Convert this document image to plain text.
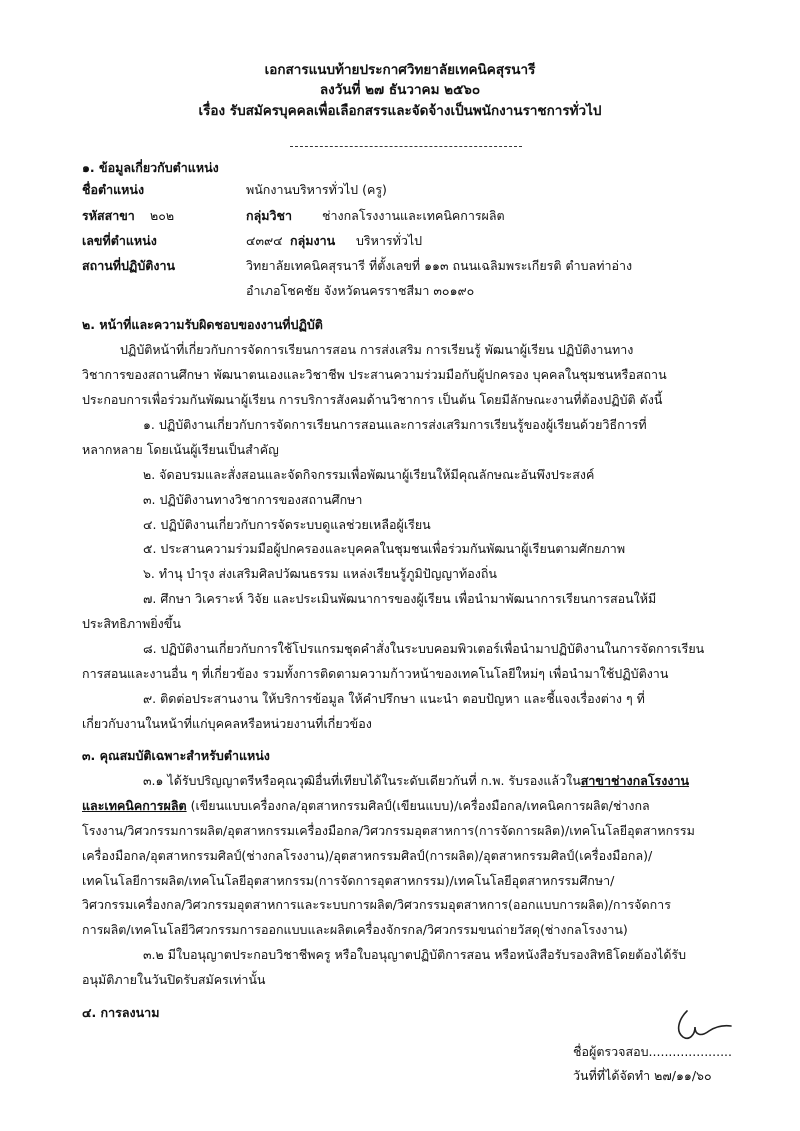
เอกสารแนบท้ายประกาศวิทยาลัยเทคนิคสุรนารี
ลงวันที่ ๒๗ ธันวาคม ๒๕๖๐
เรื่อง รับสมัครบุคคลเพื่อเลือกสรรและจัดจ้างเป็นพนักงานราชการทั่วไป
๑. ข้อมูลเกี่ยวกับตำแหน่ง
ชื่อตำแหน่ง	พนักงานบริหารทั่วไป (ครู)
รหัสสาขา ๒๐๒	กลุ่มวิชา ช่างกลโรงงานและเทคนิคการผลิต
เลขที่ตำแหน่ง	๔๓๙๔ กลุ่มงาน บริหารทั่วไป
สถานที่ปฏิบัติงาน	วิทยาลัยเทคนิคสุรนารี ที่ตั้งเลขที่ ๑๑๓ ถนนเฉลิมพระเกียรติ ตำบลท่าอ่าง
อำเภอโชคชัย จังหวัดนครราชสีมา ๓๐๑๙๐
๒. หน้าที่และความรับผิดชอบของงานที่ปฏิบัติ
ปฏิบัติหน้าที่เกี่ยวกับการจัดการเรียนการสอน การส่งเสริม การเรียนรู้ พัฒนาผู้เรียน ปฏิบัติงานทาง
วิชาการของสถานศึกษา พัฒนาตนเองและวิชาชีพ ประสานความร่วมมือกับผู้ปกครอง บุคคลในชุมชนหรือสถาน
ประกอบการเพื่อร่วมกันพัฒนาผู้เรียน การบริการสังคมด้านวิชาการ เป็นต้น โดยมีลักษณะงานที่ต้องปฏิบัติ ดังนี้
๑. ปฏิบัติงานเกี่ยวกับการจัดการเรียนการสอนและการส่งเสริมการเรียนรู้ของผู้เรียนด้วยวิธีการที่
หลากหลาย โดยเน้นผู้เรียนเป็นสำคัญ
๒. จัดอบรมและสั่งสอนและจัดกิจกรรมเพื่อพัฒนาผู้เรียนให้มีคุณลักษณะอันพึงประสงค์
๓. ปฏิบัติงานทางวิชาการของสถานศึกษา
๔. ปฏิบัติงานเกี่ยวกับการจัดระบบดูแลช่วยเหลือผู้เรียน
๕. ประสานความร่วมมือผู้ปกครองและบุคคลในชุมชนเพื่อร่วมกันพัฒนาผู้เรียนตามศักยภาพ
๖. ทำนุ บำรุง ส่งเสริมศิลปวัฒนธรรม แหล่งเรียนรู้ภูมิปัญญาท้องถิ่น
๗. ศึกษา วิเคราะห์ วิจัย และประเมินพัฒนาการของผู้เรียน เพื่อนำมาพัฒนาการเรียนการสอนให้มี
ประสิทธิภาพยิ่งขึ้น
๘. ปฏิบัติงานเกี่ยวกับการใช้โปรแกรมชุดคำสั่งในระบบคอมพิวเตอร์เพื่อนำมาปฏิบัติงานในการจัดการเรียน
การสอนและงานอื่น ๆ ที่เกี่ยวข้อง รวมทั้งการติดตามความก้าวหน้าของเทคโนโลยีใหม่ๆ เพื่อนำมาใช้ปฏิบัติงาน
๙. ติดต่อประสานงาน ให้บริการข้อมูล ให้คำปรึกษา แนะนำ ตอบปัญหา และชี้แจงเรื่องต่าง ๆ ที่
เกี่ยวกับงานในหน้าที่แก่บุคคลหรือหน่วยงานที่เกี่ยวข้อง
๓. คุณสมบัติเฉพาะสำหรับตำแหน่ง
๓.๑ ได้รับปริญญาตรีหรือคุณวุฒิอื่นที่เทียบได้ในระดับเดียวกันที่ ก.พ. รับรองแล้วในสาขาช่างกลโรงงาน
และเทคนิคการผลิต (เขียนแบบเครื่องกล/อุตสาหกรรมศิลป์(เขียนแบบ)/เครื่องมือกล/เทคนิคการผลิต/ช่างกล
โรงงาน/วิศวกรรมการผลิต/อุตสาหกรรมเครื่องมือกล/วิศวกรรมอุตสาหการ(การจัดการผลิต)/เทคโนโลยีอุตสาหกรรม
เครื่องมือกล/อุตสาหกรรมศิลป์(ช่างกลโรงงาน)/อุตสาหกรรมศิลป์(การผลิต)/อุตสาหกรรมศิลป์(เครื่องมือกล)/
เทคโนโลยีการผลิต/เทคโนโลยีอุตสาหกรรม(การจัดการอุตสาหกรรม)/เทคโนโลยีอุตสาหกรรมศึกษา/
วิศวกรรมเครื่องกล/วิศวกรรมอุตสาหการและระบบการผลิต/วิศวกรรมอุตสาหการ(ออกแบบการผลิต)/การจัดการ
การผลิต/เทคโนโลยีวิศวกรรมการออกแบบและผลิตเครื่องจักรกล/วิศวกรรมขนถ่ายวัสดุ(ช่างกลโรงงาน)
๓.๒ มีใบอนุญาตประกอบวิชาชีพครู หรือใบอนุญาตปฏิบัติการสอน หรือหนังสือรับรองสิทธิโดยต้องได้รับ
อนุมัติภายในวันปิดรับสมัครเท่านั้น
๔. การลงนาม
ชื่อผู้ตรวจสอบ.....................
วันที่ที่ได้จัดทำ ๒๗/๑๑/๖๐
